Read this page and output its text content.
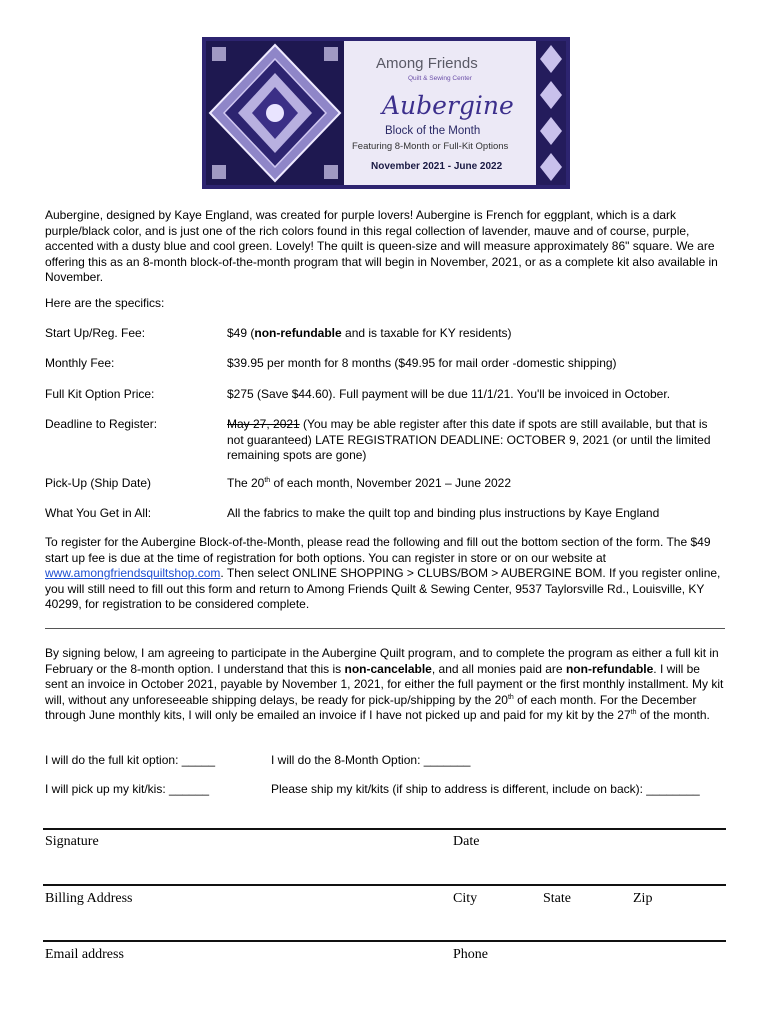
Among Friends
Quilt & Sewing Center
Aubergine
Block of the Month
Featuring 8-Month or Full-Kit Options
November 2021 - June 2022

Aubergine, designed by Kaye England, was created for purple lovers! Aubergine is French for eggplant, which is a dark purple/black color, and is just one of the rich colors found in this regal collection of lavender, mauve and of course, purple, accented with a dusty blue and cool green. Lovely! The quilt is queen-size and will measure approximately 86" square. We are offering this as an 8-month block-of-the-month program that will begin in November, 2021, or as a complete kit also available in November.

Here are the specifics:

Start Up/Reg. Fee:	$49 (non-refundable and is taxable for KY residents)
Monthly Fee:	$39.95 per month for 8 months ($49.95 for mail order -domestic shipping)
Full Kit Option Price:	$275 (Save $44.60). Full payment will be due 11/1/21. You'll be invoiced in October.
Deadline to Register:	May 27, 2021 (You may be able register after this date if spots are still available, but that is not guaranteed) LATE REGISTRATION DEADLINE: OCTOBER 9, 2021 (or until the limited remaining spots are gone)
Pick-Up (Ship Date)	The 20th of each month, November 2021 – June 2022
What You Get in All:	All the fabrics to make the quilt top and binding plus instructions by Kaye England

To register for the Aubergine Block-of-the-Month, please read the following and fill out the bottom section of the form. The $49 start up fee is due at the time of registration for both options. You can register in store or on our website at www.amongfriendsquiltshop.com. Then select ONLINE SHOPPING > CLUBS/BOM > AUBERGINE BOM. If you register online, you will still need to fill out this form and return to Among Friends Quilt & Sewing Center, 9537 Taylorsville Rd., Louisville, KY 40299, for registration to be considered complete.

By signing below, I am agreeing to participate in the Aubergine Quilt program, and to complete the program as either a full kit in February or the 8-month option. I understand that this is non-cancelable, and all monies paid are non-refundable. I will be sent an invoice in October 2021, payable by November 1, 2021, for either the full payment or the first monthly installment. My kit will, without any unforeseeable shipping delays, be ready for pick-up/shipping by the 20th of each month. For the December through June monthly kits, I will only be emailed an invoice if I have not picked up and paid for my kit by the 27th of the month.

I will do the full kit option: _____	I will do the 8-Month Option: _______
I will pick up my kit/kis: ______	Please ship my kit/kits (if ship to address is different, include on back): ________
Signature	Date
Billing Address	City	State	Zip
Email address	Phone
